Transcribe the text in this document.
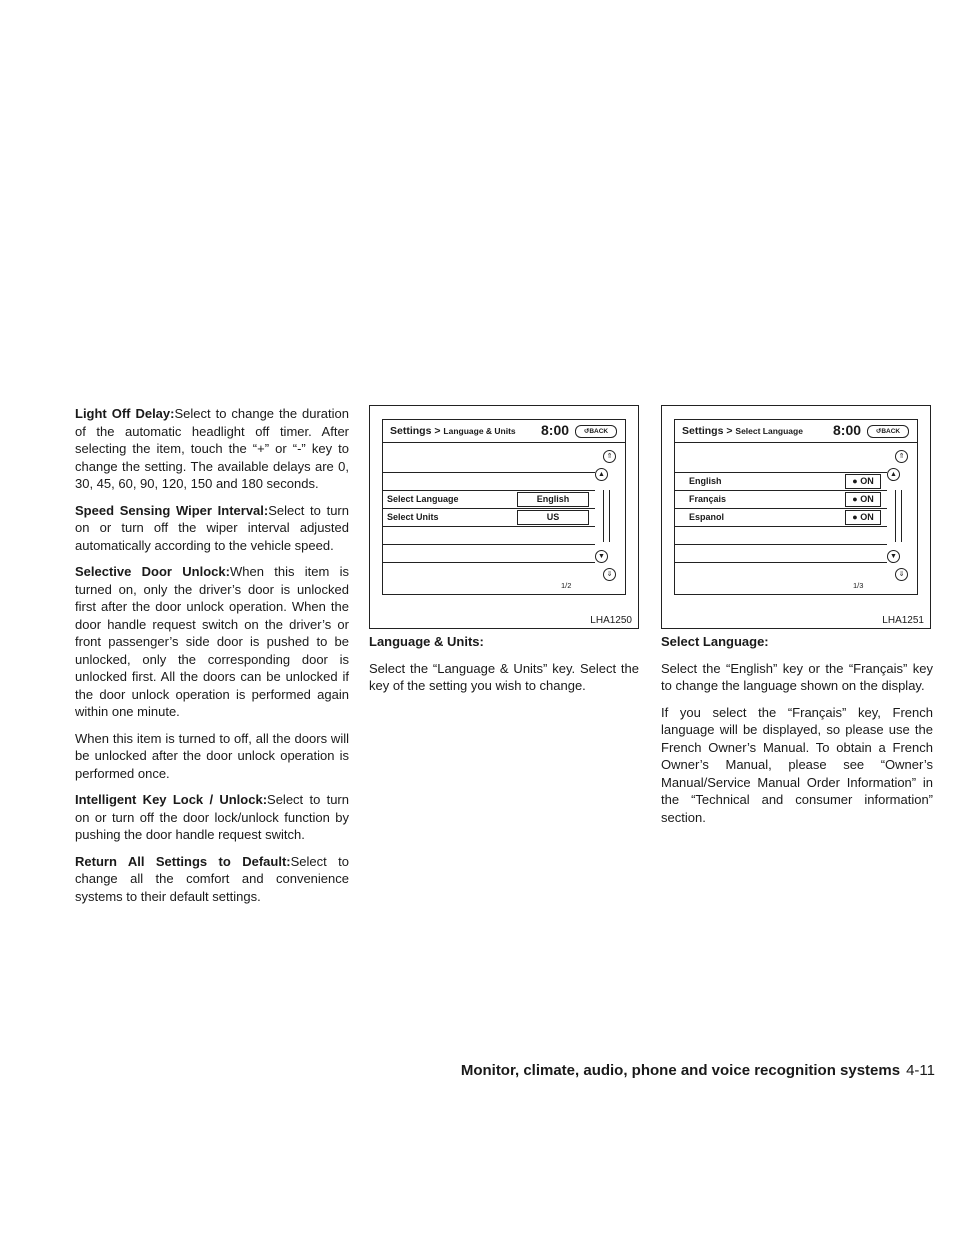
Light Off Delay:Select to change the duration of the automatic headlight off timer. After selecting the item, touch the “+” or “-” key to change the setting. The available delays are 0, 30, 45, 60, 90, 120, 150 and 180 seconds.

Speed Sensing Wiper Interval:Select to turn on or turn off the wiper interval adjusted automatically according to the vehicle speed.

Selective Door Unlock:When this item is turned on, only the driver’s door is unlocked first after the door unlock operation. When the door handle request switch on the driver’s or front passenger’s side door is pushed to be unlocked, only the corresponding door is unlocked first. All the doors can be unlocked if the door unlock operation is performed again within one minute.

When this item is turned to off, all the doors will be unlocked after the door unlock operation is performed once.

Intelligent Key Lock / Unlock:Select to turn on or turn off the door lock/unlock function by pushing the door handle request switch.

Return All Settings to Default:Select to change all the comfort and convenience systems to their default settings.

Settings > Language & Units 8:00	↺BACK
Select Language	English
Select Units	US
⇑
▲
▼
⇓
1/2
LHA1250
Settings > Select Language 8:00	↺BACK
English	● ON
Français	● ON
Espanol	● ON
⇑
▲
▼
⇓
1/3
LHA1251

Language & Units:

Select the “Language & Units” key. Select the key of the setting you wish to change.

Select Language:

Select the “English” key or the “Français” key to change the language shown on the display.

If you select the “Français” key, French language will be displayed, so please use the French Owner’s Manual. To obtain a French Owner’s Manual, please see “Owner’s Manual/Service Manual Order Information” in the “Technical and consumer information” section.

Monitor, climate, audio, phone and voice recognition systems 4-11
